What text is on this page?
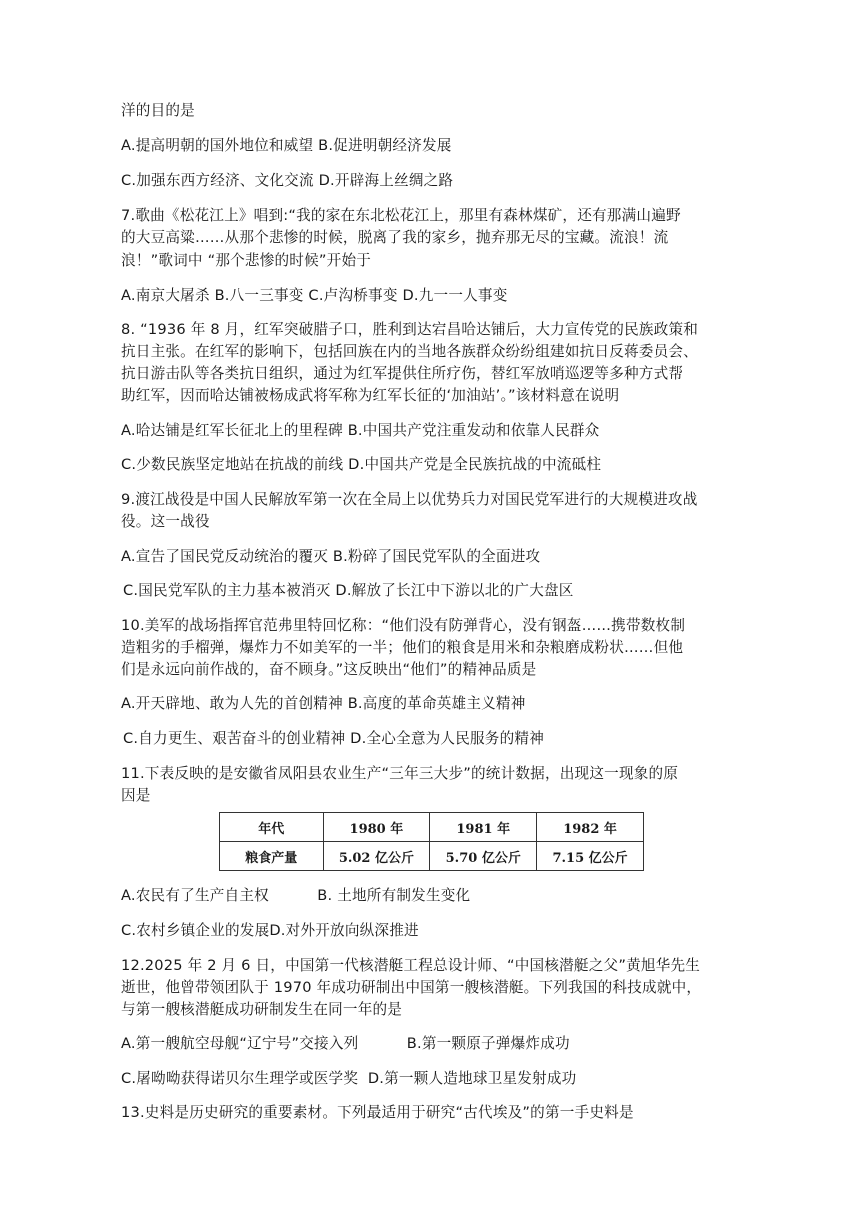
洋的目的是
A.提高明朝的国外地位和威望 B.促进明朝经济发展
C.加强东西方经济、文化交流 D.开辟海上丝绸之路
7.歌曲《松花江上》唱到:“我的家在东北松花江上，那里有森林煤矿，还有那满山遍野
的大豆高粱……从那个悲惨的时候，脱离了我的家乡，抛弃那无尽的宝藏。流浪！流
浪！”歌词中 “那个悲惨的时候”开始于
A.南京大屠杀 B.八一三事变 C.卢沟桥事变 D.九一一人事变
8. “1936 年 8 月，红军突破腊子口，胜利到达宕昌哈达铺后，大力宣传党的民族政策和
抗日主张。在红军的影响下，包括回族在内的当地各族群众纷纷组建如抗日反蒋委员会、
抗日游击队等各类抗日组织，通过为红军提供住所疗伤，替红军放哨巡逻等多种方式帮
助红军，因而哈达铺被杨成武将军称为红军长征的‘加油站’。”该材料意在说明
A.哈达铺是红军长征北上的里程碑 B.中国共产党注重发动和依靠人民群众
C.少数民族坚定地站在抗战的前线 D.中国共产党是全民族抗战的中流砥柱
9.渡江战役是中国人民解放军第一次在全局上以优势兵力对国民党军进行的大规模进攻战
役。这一战役
A.宣告了国民党反动统治的覆灭 B.粉碎了国民党军队的全面进攻
C.国民党军队的主力基本被消灭 D.解放了长江中下游以北的广大盘区
10.美军的战场指挥官范弗里特回忆称：“他们没有防弹背心，没有钢盔……携带数枚制
造粗劣的手榴弹，爆炸力不如美军的一半；他们的粮食是用米和杂粮磨成粉状……但他
们是永远向前作战的，奋不顾身。”这反映出“他们”的精神品质是
A.开天辟地、敢为人先的首创精神 B.高度的革命英雄主义精神
C.自力更生、艰苦奋斗的创业精神 D.全心全意为人民服务的精神
11.下表反映的是安徽省凤阳县农业生产“三年三大步”的统计数据，出现这一现象的原
因是
年代	1980 年	1981 年	1982 年
粮食产量	5.02 亿公斤	5.70 亿公斤	7.15 亿公斤
A.农民有了生产自主权          B. 土地所有制发生变化
C.农村乡镇企业的发展D.对外开放向纵深推进
12.2025 年 2 月 6 日，中国第一代核潜艇工程总设计师、“中国核潜艇之父”黄旭华先生
逝世，他曾带领团队于 1970 年成功研制出中国第一艘核潜艇。下列我国的科技成就中，
与第一艘核潜艇成功研制发生在同一年的是
A.第一艘航空母舰“辽宁号”交接入列          B.第一颗原子弹爆炸成功
C.屠呦呦获得诺贝尔生理学或医学奖  D.第一颗人造地球卫星发射成功
13.史料是历史研究的重要素材。下列最适用于研究“古代埃及”的第一手史料是
